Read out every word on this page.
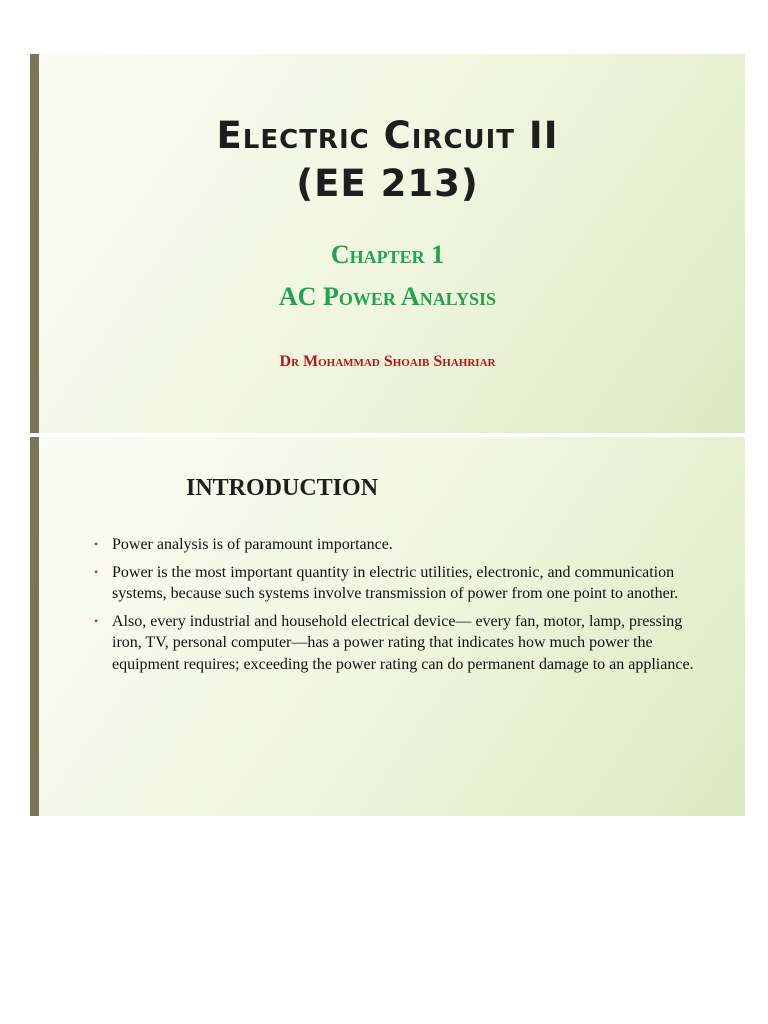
Electric Circuit II
(EE 213)
Chapter 1
AC Power Analysis
Dr Mohammad Shoaib Shahriar
INTRODUCTION
• Power analysis is of paramount importance.
• Power is the most important quantity in electric utilities, electronic, and communication systems, because such systems involve transmission of power from one point to another.
• Also, every industrial and household electrical device— every fan, motor, lamp, pressing iron, TV, personal computer—has a power rating that indicates how much power the equipment requires; exceeding the power rating can do permanent damage to an appliance.
